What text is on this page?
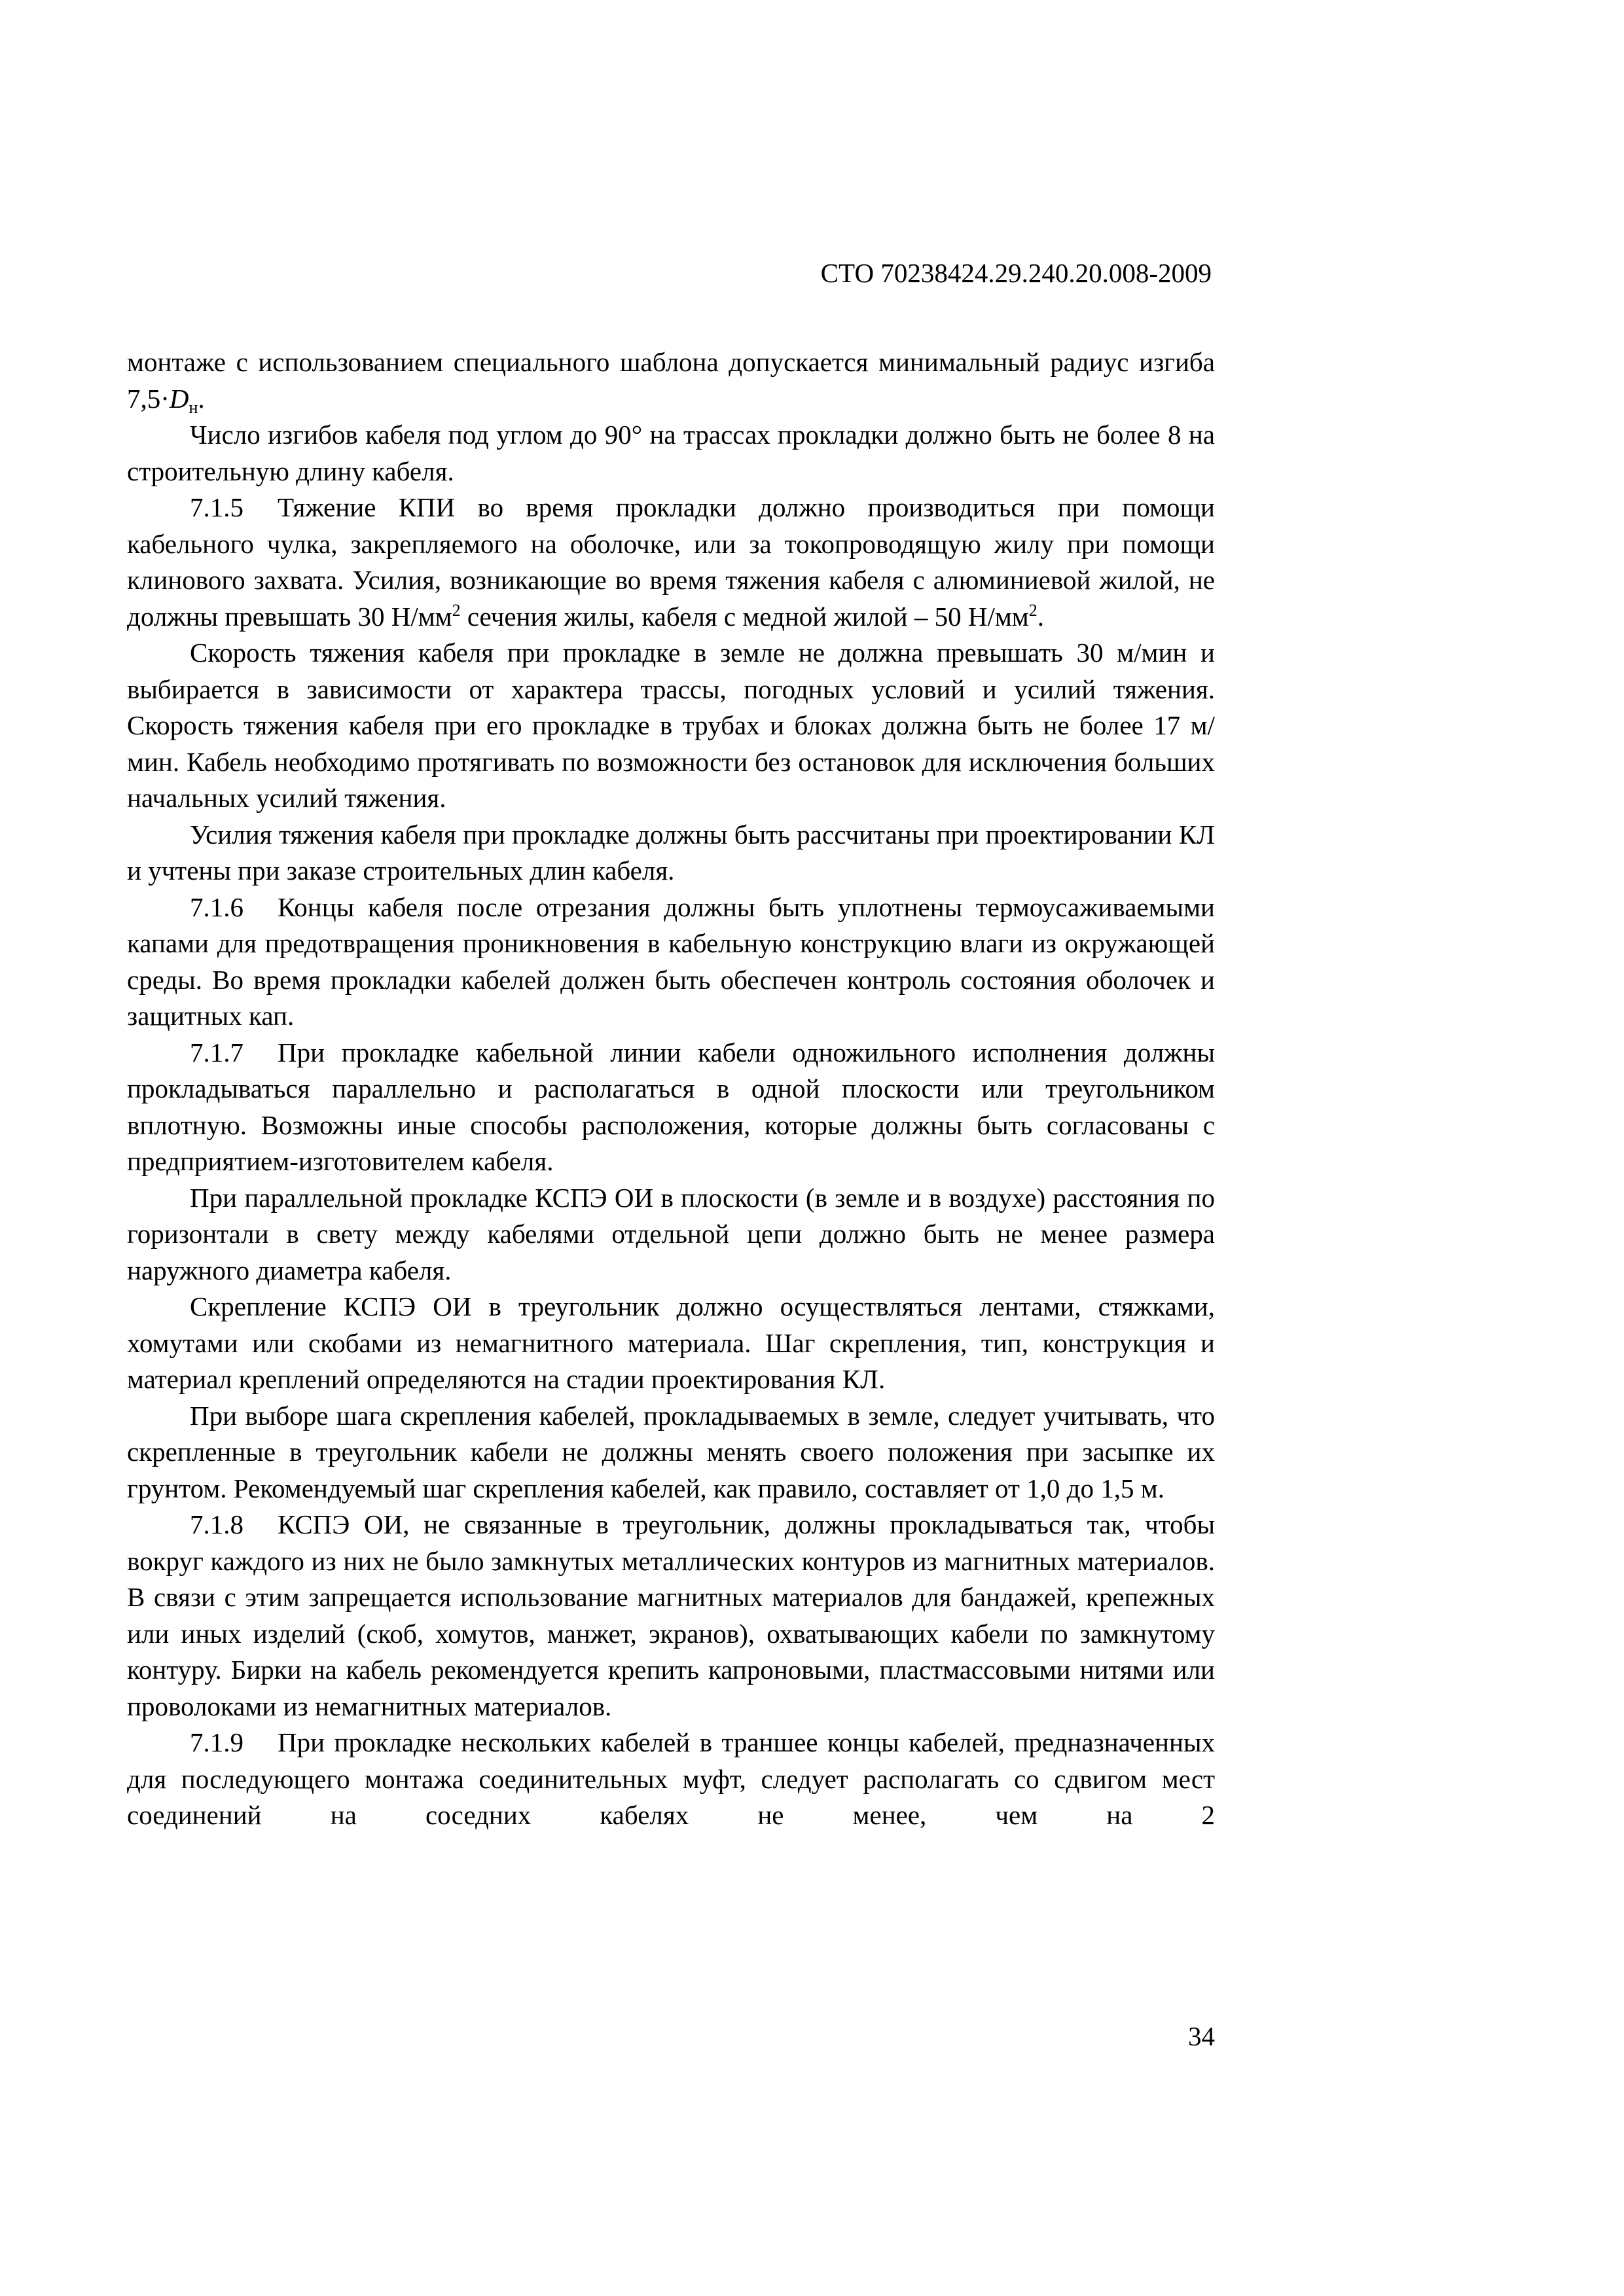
СТО 70238424.29.240.20.008-2009

монтаже с использованием специального шаблона допускается минимальный радиус изгиба $7,5\cdot D_н$.

Число изгибов кабеля под углом до 90° на трассах прокладки должно быть не более 8 на строительную длину кабеля.

7.1.5 Тяжение КПИ во время прокладки должно производиться при помощи кабельного чулка, закрепляемого на оболочке, или за токопроводящую жилу при помощи клинового захвата. Усилия, возникающие во время тяжения кабеля с алюминиевой жилой, не должны превышать 30 $Н/мм^2$ сечения жилы, кабеля с медной жилой – 50 $Н/мм^2$.

Скорость тяжения кабеля при прокладке в земле не должна превышать 30 м/мин и выбирается в зависимости от характера трассы, погодных условий и усилий тяжения. Скорость тяжения кабеля при его прокладке в трубах и блоках должна быть не более 17 м/мин. Кабель необходимо протягивать по возможности без остановок для исключения больших начальных усилий тяжения.

Усилия тяжения кабеля при прокладке должны быть рассчитаны при проектировании КЛ и учтены при заказе строительных длин кабеля.

7.1.6 Концы кабеля после отрезания должны быть уплотнены термоусаживаемыми капами для предотвращения проникновения в кабельную конструкцию влаги из окружающей среды. Во время прокладки кабелей должен быть обеспечен контроль состояния оболочек и защитных кап.

7.1.7 При прокладке кабельной линии кабели одножильного исполнения должны прокладываться параллельно и располагаться в одной плоскости или треугольником вплотную. Возможны иные способы расположения, которые должны быть согласованы с предприятием-изготовителем кабеля.

При параллельной прокладке КСПЭ ОИ в плоскости (в земле и в воздухе) расстояния по горизонтали в свету между кабелями отдельной цепи должно быть не менее размера наружного диаметра кабеля.

Скрепление КСПЭ ОИ в треугольник должно осуществляться лентами, стяжками, хомутами или скобами из немагнитного материала. Шаг скрепления, тип, конструкция и материал креплений определяются на стадии проектирования КЛ.

При выборе шага скрепления кабелей, прокладываемых в земле, следует учитывать, что скрепленные в треугольник кабели не должны менять своего положения при засыпке их грунтом. Рекомендуемый шаг скрепления кабелей, как правило, составляет от 1,0 до 1,5 м.

7.1.8 КСПЭ ОИ, не связанные в треугольник, должны прокладываться так, чтобы вокруг каждого из них не было замкнутых металлических контуров из магнитных материалов. В связи с этим запрещается использование магнитных материалов для бандажей, крепежных или иных изделий (скоб, хомутов, манжет, экранов), охватывающих кабели по замкнутому контуру. Бирки на кабель рекомендуется крепить капроновыми, пластмассовыми нитями или проволоками из немагнитных материалов.

7.1.9 При прокладке нескольких кабелей в траншее концы кабелей, предназначенных для последующего монтажа соединительных муфт, следует располагать со сдвигом мест соединений на соседних кабелях не менее, чем на 2

34
